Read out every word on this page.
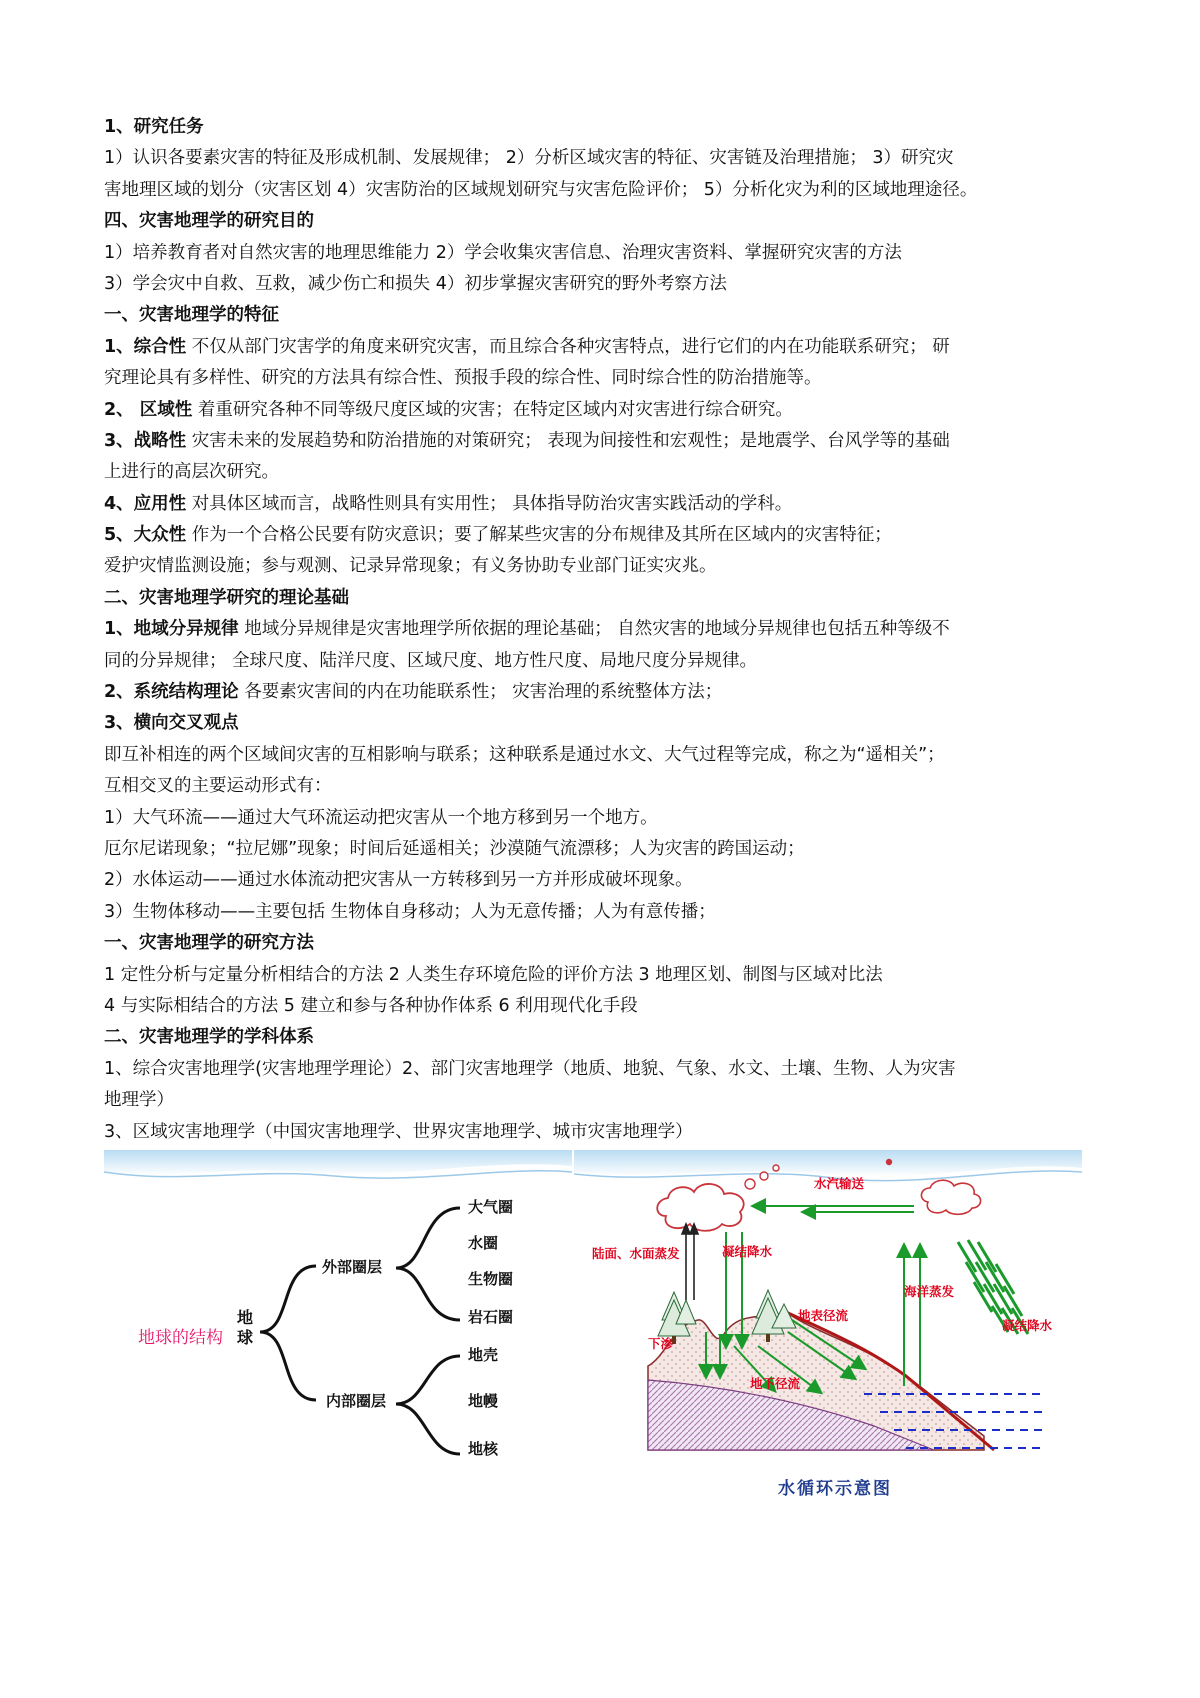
1、研究任务
1）认识各要素灾害的特征及形成机制、发展规律； 2）分析区域灾害的特征、灾害链及治理措施； 3）研究灾
害地理区域的划分（灾害区划 4）灾害防治的区域规划研究与灾害危险评价； 5）分析化灾为利的区域地理途径。
四、灾害地理学的研究目的
1）培养教育者对自然灾害的地理思维能力 2）学会收集灾害信息、治理灾害资料、掌握研究灾害的方法
3）学会灾中自救、互救，减少伤亡和损失 4）初步掌握灾害研究的野外考察方法
一、灾害地理学的特征
1、综合性 不仅从部门灾害学的角度来研究灾害，而且综合各种灾害特点，进行它们的内在功能联系研究； 研
究理论具有多样性、研究的方法具有综合性、预报手段的综合性、同时综合性的防治措施等。
2、 区域性 着重研究各种不同等级尺度区域的灾害；在特定区域内对灾害进行综合研究。
3、战略性 灾害未来的发展趋势和防治措施的对策研究； 表现为间接性和宏观性；是地震学、台风学等的基础
上进行的高层次研究。
4、应用性 对具体区域而言，战略性则具有实用性； 具体指导防治灾害实践活动的学科。
5、大众性 作为一个合格公民要有防灾意识；要了解某些灾害的分布规律及其所在区域内的灾害特征；
爱护灾情监测设施；参与观测、记录异常现象；有义务协助专业部门证实灾兆。
二、灾害地理学研究的理论基础
1、地域分异规律 地域分异规律是灾害地理学所依据的理论基础； 自然灾害的地域分异规律也包括五种等级不
同的分异规律； 全球尺度、陆洋尺度、区域尺度、地方性尺度、局地尺度分异规律。
2、系统结构理论 各要素灾害间的内在功能联系性； 灾害治理的系统整体方法；
3、横向交叉观点
即互补相连的两个区域间灾害的互相影响与联系；这种联系是通过水文、大气过程等完成，称之为“遥相关”；
互相交叉的主要运动形式有：
1）大气环流——通过大气环流运动把灾害从一个地方移到另一个地方。
厄尔尼诺现象；“拉尼娜”现象；时间后延遥相关；沙漠随气流漂移；人为灾害的跨国运动；
2）水体运动——通过水体流动把灾害从一方转移到另一方并形成破坏现象。
3）生物体移动——主要包括 生物体自身移动；人为无意传播；人为有意传播；
一、灾害地理学的研究方法
1 定性分析与定量分析相结合的方法 2 人类生存环境危险的评价方法 3 地理区划、制图与区域对比法
4 与实际相结合的方法 5 建立和参与各种协作体系 6 利用现代化手段
二、灾害地理学的学科体系
1、综合灾害地理学(灾害地理学理论）2、部门灾害地理学（地质、地貌、气象、水文、土壤、生物、人为灾害
地理学）
3、区域灾害地理学（中国灾害地理学、世界灾害地理学、城市灾害地理学）
地球的结构
地
球
外部圈层
内部圈层
大气圈
水圈
生物圈
岩石圈
地壳
地幔
地核
水汽输送
陆面、水面蒸发	凝结降水
地表径流
下渗
地下径流
海洋蒸发
凝结降水
水循环示意图
